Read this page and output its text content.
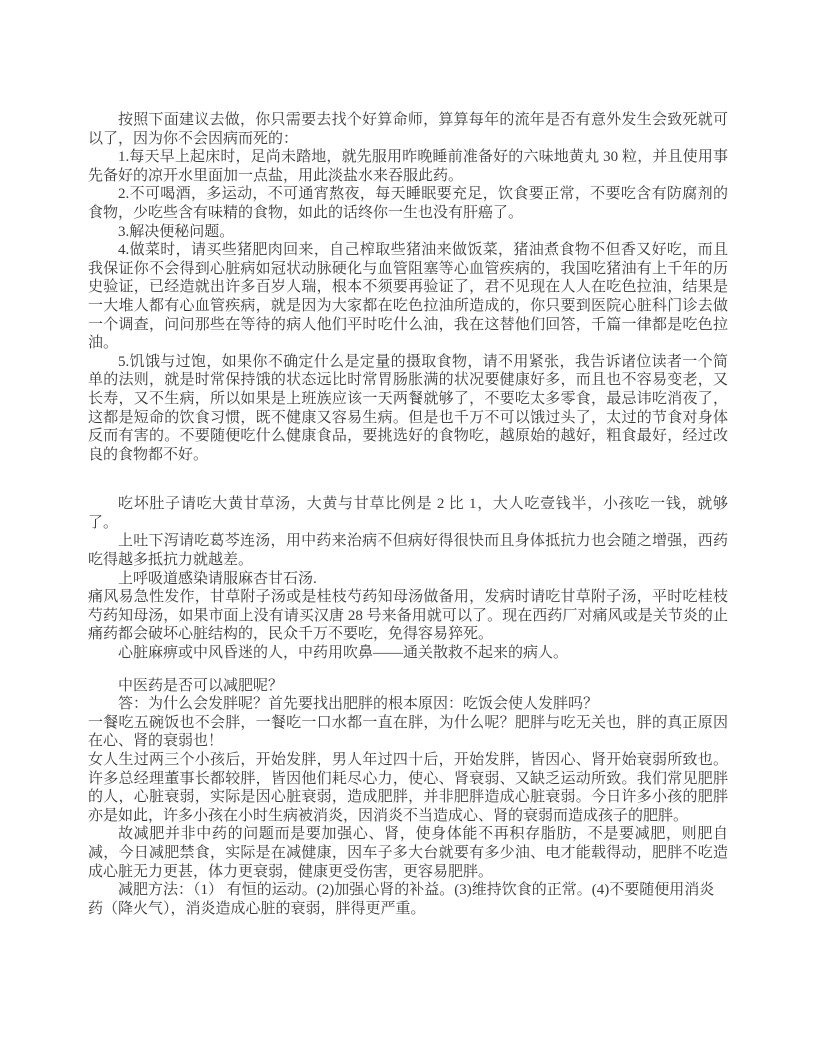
按照下面建议去做，你只需要去找个好算命师，算算每年的流年是否有意外发生会致死就可以了，因为你不会因病而死的：

1.每天早上起床时，足尚未踏地，就先服用昨晚睡前准备好的六味地黄丸 30 粒，并且使用事先备好的凉开水里面加一点盐，用此淡盐水来吞服此药。

2.不可喝酒，多运动，不可通宵熬夜，每天睡眠要充足，饮食要正常，不要吃含有防腐剂的食物，少吃些含有味精的食物，如此的话终你一生也没有肝癌了。

3.解决便秘问题。

4.做菜时，请买些猪肥肉回来，自己榨取些猪油来做饭菜，猪油煮食物不但香又好吃，而且我保证你不会得到心脏病如冠状动脉硬化与血管阻塞等心血管疾病的，我国吃猪油有上千年的历史验证，已经造就出许多百岁人瑞，根本不须要再验证了，君不见现在人人在吃色拉油，结果是一大堆人都有心血管疾病，就是因为大家都在吃色拉油所造成的，你只要到医院心脏科门诊去做一个调查，问问那些在等待的病人他们平时吃什么油，我在这替他们回答，千篇一律都是吃色拉油。

5.饥饿与过饱，如果你不确定什么是定量的摄取食物，请不用紧张，我告诉诸位读者一个简单的法则，就是时常保持饿的状态远比时常胃肠胀满的状况要健康好多，而且也不容易变老，又长寿，又不生病，所以如果是上班族应该一天两餐就够了，不要吃太多零食，最忌讳吃消夜了，这都是短命的饮食习惯，既不健康又容易生病。但是也千万不可以饿过头了，太过的节食对身体反而有害的。不要随便吃什么健康食品，要挑选好的食物吃，越原始的越好，粗食最好，经过改良的食物都不好。

吃坏肚子请吃大黄甘草汤，大黄与甘草比例是 2 比 1，大人吃壹钱半，小孩吃一钱，就够了。

上吐下泻请吃葛芩连汤，用中药来治病不但病好得很快而且身体抵抗力也会随之增强，西药吃得越多抵抗力就越差。

上呼吸道感染请服麻杏甘石汤.

痛风易急性发作，甘草附子汤或是桂枝芍药知母汤做备用，发病时请吃甘草附子汤，平时吃桂枝芍药知母汤，如果市面上没有请买汉唐 28 号来备用就可以了。现在西药厂对痛风或是关节炎的止痛药都会破坏心脏结构的，民众千万不要吃，免得容易猝死。

心脏麻痹或中风昏迷的人，中药用吹鼻——通关散救不起来的病人。

中医药是否可以减肥呢？

答：为什么会发胖呢？首先要找出肥胖的根本原因：吃饭会使人发胖吗？

一餐吃五碗饭也不会胖，一餐吃一口水都一直在胖，为什么呢？肥胖与吃无关也，胖的真正原因在心、肾的衰弱也！

女人生过两三个小孩后，开始发胖，男人年过四十后，开始发胖，皆因心、肾开始衰弱所致也。许多总经理董事长都较胖，皆因他们耗尽心力，使心、肾衰弱、又缺乏运动所致。我们常见肥胖的人，心脏衰弱，实际是因心脏衰弱，造成肥胖，并非肥胖造成心脏衰弱。今日许多小孩的肥胖亦是如此，许多小孩在小时生病被消炎，因消炎不当造成心、肾的衰弱而造成孩子的肥胖。

故减肥并非中药的问题而是要加强心、肾，使身体能不再积存脂肪，不是要减肥，则肥自减，今日减肥禁食，实际是在减健康，因车子多大台就要有多少油、电才能载得动，肥胖不吃造成心脏无力更甚，体力更衰弱，健康更受伤害，更容易肥胖。

减肥方法：（1） 有恒的运动。(2)加强心肾的补益。(3)维持饮食的正常。(4)不要随便用消炎

药（降火气），消炎造成心脏的衰弱，胖得更严重。
